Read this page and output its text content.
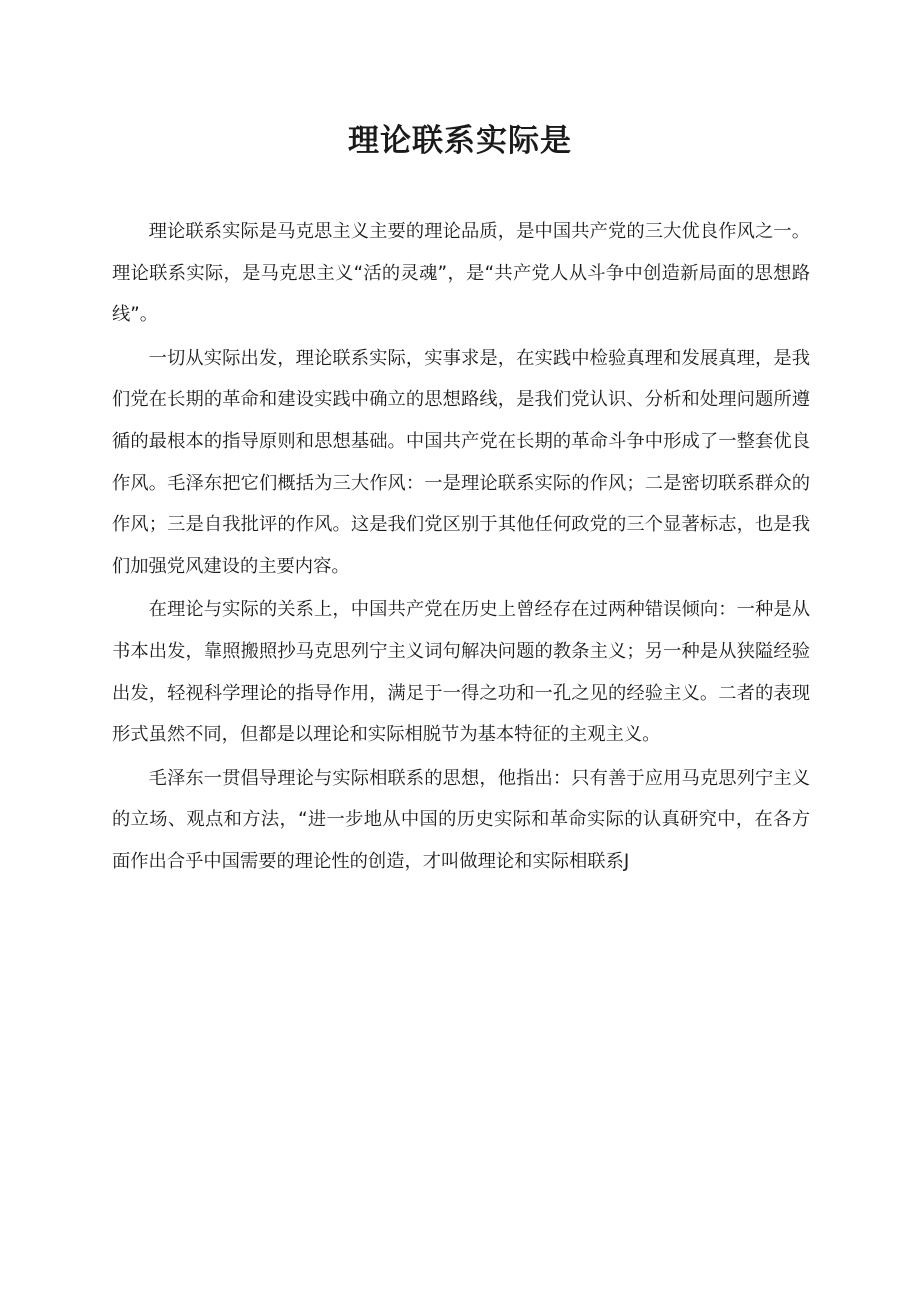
理论联系实际是

理论联系实际是马克思主义主要的理论品质，是中国共产党的三大优良作风之一。理论联系实际，是马克思主义“活的灵魂”，是“共产党人从斗争中创造新局面的思想路线”。

一切从实际出发，理论联系实际，实事求是，在实践中检验真理和发展真理，是我们党在长期的革命和建设实践中确立的思想路线，是我们党认识、分析和处理问题所遵循的最根本的指导原则和思想基础。中国共产党在长期的革命斗争中形成了一整套优良作风。毛泽东把它们概括为三大作风：一是理论联系实际的作风；二是密切联系群众的作风；三是自我批评的作风。这是我们党区别于其他任何政党的三个显著标志，也是我们加强党风建设的主要内容。

在理论与实际的关系上，中国共产党在历史上曾经存在过两种错误倾向：一种是从书本出发，靠照搬照抄马克思列宁主义词句解决问题的教条主义；另一种是从狭隘经验出发，轻视科学理论的指导作用，满足于一得之功和一孔之见的经验主义。二者的表现形式虽然不同，但都是以理论和实际相脱节为基本特征的主观主义。

毛泽东一贯倡导理论与实际相联系的思想，他指出：只有善于应用马克思列宁主义的立场、观点和方法，“进一步地从中国的历史实际和革命实际的认真研究中，在各方面作出合乎中国需要的理论性的创造，才叫做理论和实际相联系J
